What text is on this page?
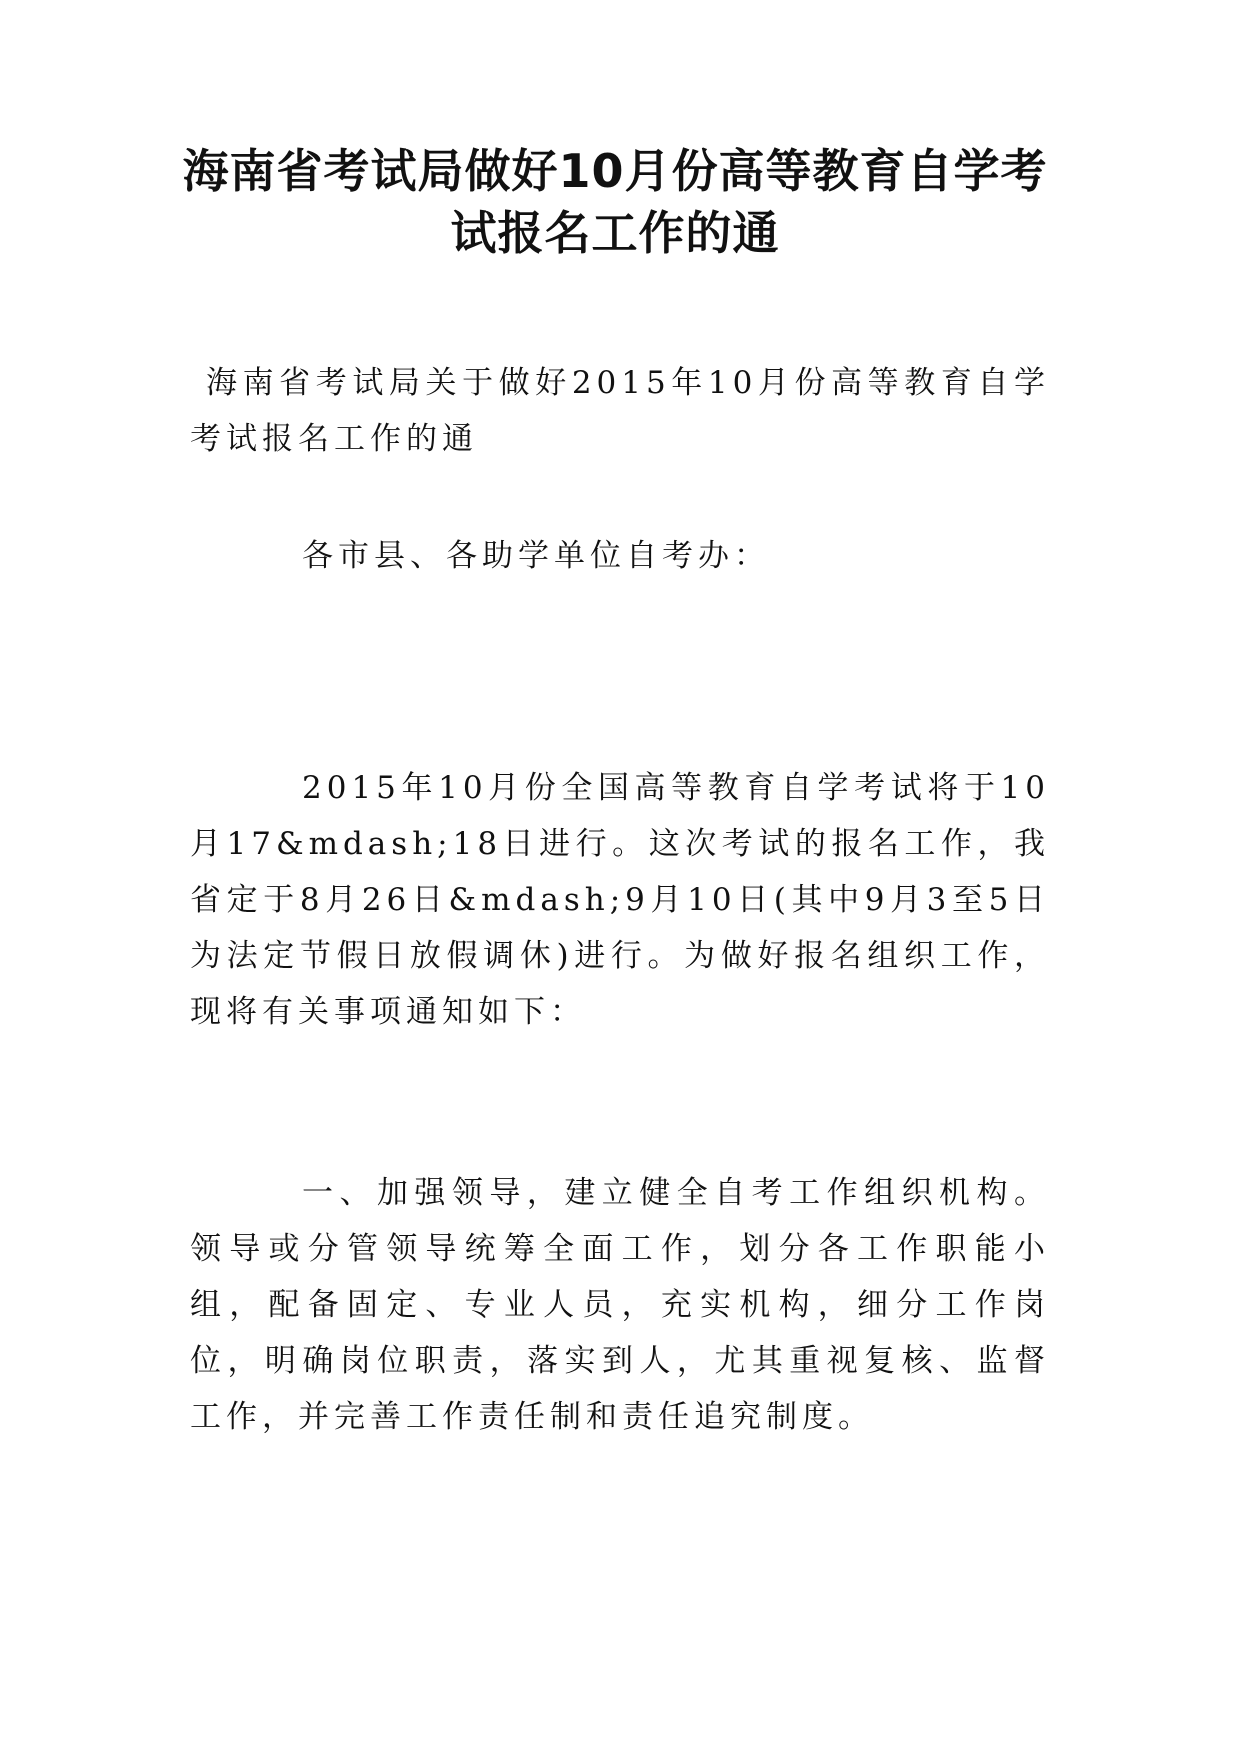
海南省考试局做好10月份高等教育自学考试报名工作的通
海南省考试局关于做好2015年10月份高等教育自学考试报名工作的通
各市县、各助学单位自考办：
2015年10月份全国高等教育自学考试将于10月17&mdash;18日进行。这次考试的报名工作，我省定于8月26日&mdash;9月10日(其中9月3至5日为法定节假日放假调休)进行。为做好报名组织工作，现将有关事项通知如下：
一、加强领导，建立健全自考工作组织机构。领导或分管领导统筹全面工作，划分各工作职能小组，配备固定、专业人员，充实机构，细分工作岗位，明确岗位职责，落实到人，尤其重视复核、监督工作，并完善工作责任制和责任追究制度。
